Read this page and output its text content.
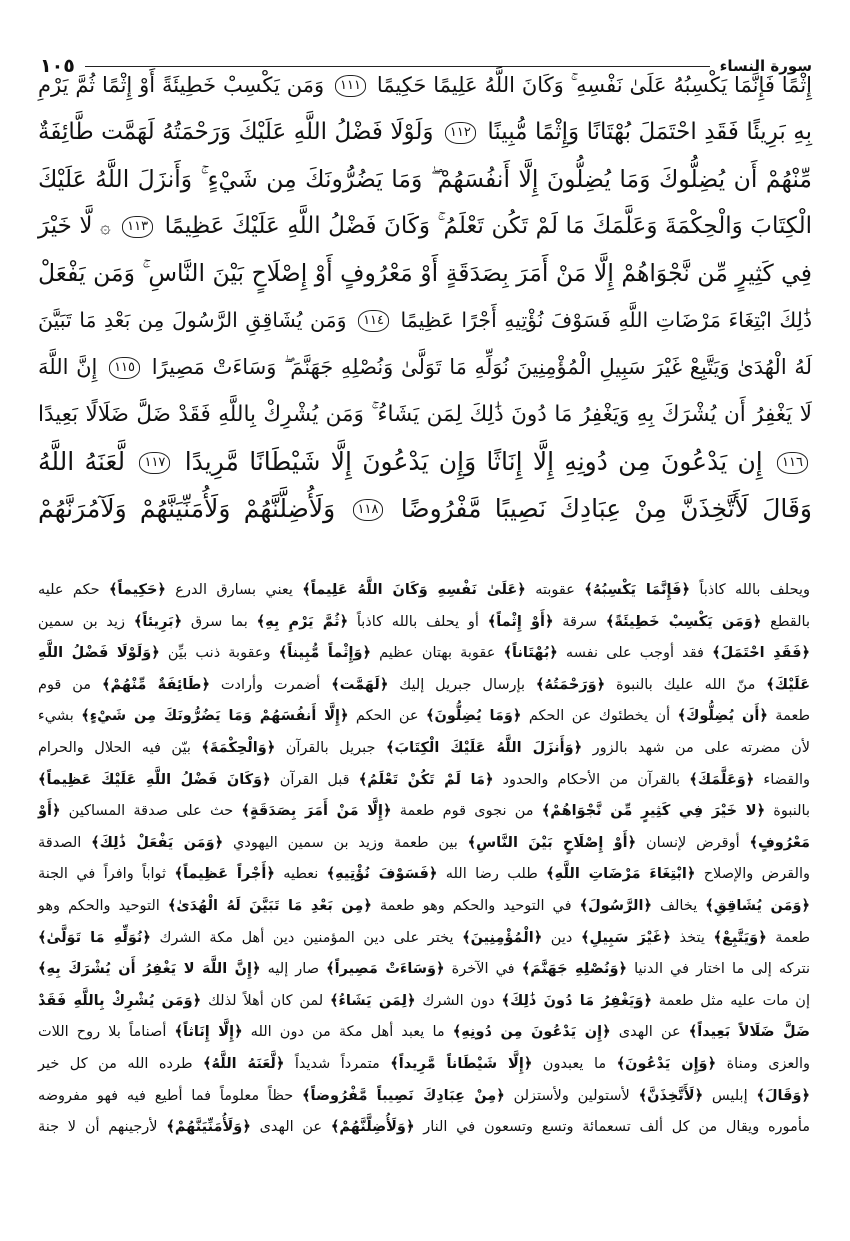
سورة النساء
١٠٥
إِثْمًا فَإِنَّمَا يَكْسِبُهُ عَلَىٰ نَفْسِهِ ۚ وَكَانَ اللَّهُ عَلِيمًا حَكِيمًا ١١١ وَمَن يَكْسِبْ خَطِيئَةً أَوْ إِثْمًا ثُمَّ يَرْمِ
بِهِ بَرِيئًا فَقَدِ احْتَمَلَ بُهْتَانًا وَإِثْمًا مُّبِينًا ١١٢ وَلَوْلَا فَضْلُ اللَّهِ عَلَيْكَ وَرَحْمَتُهُ لَهَمَّت طَّائِفَةٌ
مِّنْهُمْ أَن يُضِلُّوكَ وَمَا يُضِلُّونَ إِلَّا أَنفُسَهُمْ ۖ وَمَا يَضُرُّونَكَ مِن شَيْءٍ ۚ وَأَنزَلَ اللَّهُ عَلَيْكَ
الْكِتَابَ وَالْحِكْمَةَ وَعَلَّمَكَ مَا لَمْ تَكُن تَعْلَمُ ۚ وَكَانَ فَضْلُ اللَّهِ عَلَيْكَ عَظِيمًا ١١٣ ۞ لَّا خَيْرَ
فِي كَثِيرٍ مِّن نَّجْوَاهُمْ إِلَّا مَنْ أَمَرَ بِصَدَقَةٍ أَوْ مَعْرُوفٍ أَوْ إِصْلَاحٍ بَيْنَ النَّاسِ ۚ وَمَن يَفْعَلْ
ذَٰلِكَ ابْتِغَاءَ مَرْضَاتِ اللَّهِ فَسَوْفَ نُؤْتِيهِ أَجْرًا عَظِيمًا ١١٤ وَمَن يُشَاقِقِ الرَّسُولَ مِن بَعْدِ مَا تَبَيَّنَ
لَهُ الْهُدَىٰ وَيَتَّبِعْ غَيْرَ سَبِيلِ الْمُؤْمِنِينَ نُوَلِّهِ مَا تَوَلَّىٰ وَنُصْلِهِ جَهَنَّمَ ۖ وَسَاءَتْ مَصِيرًا ١١٥ إِنَّ اللَّهَ
لَا يَغْفِرُ أَن يُشْرَكَ بِهِ وَيَغْفِرُ مَا دُونَ ذَٰلِكَ لِمَن يَشَاءُ ۚ وَمَن يُشْرِكْ بِاللَّهِ فَقَدْ ضَلَّ ضَلَالًا بَعِيدًا
١١٦ إِن يَدْعُونَ مِن دُونِهِ إِلَّا إِنَاثًا وَإِن يَدْعُونَ إِلَّا شَيْطَانًا مَّرِيدًا ١١٧ لَّعَنَهُ اللَّهُ
وَقَالَ لَأَتَّخِذَنَّ مِنْ عِبَادِكَ نَصِيبًا مَّفْرُوضًا ١١٨ وَلَأُضِلَّنَّهُمْ وَلَأُمَنِّيَنَّهُمْ وَلَآمُرَنَّهُمْ
ويحلف بالله كاذباً ﴿فَإِنَّمَا يَكْسِبُهُ﴾ عقوبته ﴿عَلَىٰ نَفْسِهِ وَكَانَ اللَّهُ عَلِيماً﴾ يعني بسارق الدرع ﴿حَكِيماً﴾ حكم عليه
بالقطع ﴿وَمَن يَكْسِبْ خَطِيئَةً﴾ سرقة ﴿أَوْ إِثْماً﴾ أو يحلف بالله كاذباً ﴿ثُمَّ يَرْمِ بِهِ﴾ بما سرق ﴿بَرِيئاً﴾ زيد بن سمين
﴿فَقَدِ احْتَمَلَ﴾ فقد أوجب على نفسه ﴿بُهْتَاناً﴾ عقوبة بهتان عظيم ﴿وَإِثْماً مُّبِيناً﴾ وعقوبة ذنب بيِّن ﴿وَلَوْلَا فَضْلُ اللَّهِ
عَلَيْكَ﴾ منّ الله عليك بالنبوة ﴿وَرَحْمَتُهُ﴾ بإرسال جبريل إليك ﴿لَهَمَّت﴾ أضمرت وأرادت ﴿طَائِفَةٌ مِّنْهُمْ﴾ من قوم
طعمة ﴿أَن يُضِلُّوكَ﴾ أن يخطئوك عن الحكم ﴿وَمَا يُضِلُّونَ﴾ عن الحكم ﴿إِلَّا أَنفُسَهُمْ وَمَا يَضُرُّونَكَ مِن شَيْءٍ﴾ بشيء
لأن مضرته على من شهد بالزور ﴿وَأَنزَلَ اللَّهُ عَلَيْكَ الْكِتَابَ﴾ جبريل بالقرآن ﴿وَالْحِكْمَةَ﴾ بيّن فيه الحلال والحرام
والقضاء ﴿وَعَلَّمَكَ﴾ بالقرآن من الأحكام والحدود ﴿مَا لَمْ تَكُنْ تَعْلَمُ﴾ قبل القرآن ﴿وَكَانَ فَضْلُ اللَّهِ عَلَيْكَ عَظِيماً﴾
بالنبوة ﴿لا خَيْرَ فِي كَثِيرٍ مِّن نَّجْوَاهُمْ﴾ من نجوى قوم طعمة ﴿إِلَّا مَنْ أَمَرَ بِصَدَقَةٍ﴾ حث على صدقة المساكين ﴿أَوْ
مَعْرُوفٍ﴾ أوقرض لإنسان ﴿أَوْ إِصْلَاحٍ بَيْنَ النَّاسِ﴾ بين طعمة وزيد بن سمين اليهودي ﴿وَمَن يَفْعَلْ ذَٰلِكَ﴾ الصدقة
والقرض والإصلاح ﴿ابْتِغَاءَ مَرْضَاتِ اللَّهِ﴾ طلب رضا الله ﴿فَسَوْفَ نُؤْتِيهِ﴾ نعطيه ﴿أَجْراً عَظِيماً﴾ ثواباً وافراً في الجنة
﴿وَمَن يُشَاقِقِ﴾ يخالف ﴿الرَّسُولَ﴾ في التوحيد والحكم وهو طعمة ﴿مِن بَعْدِ مَا تَبَيَّنَ لَهُ الْهُدَىٰ﴾ التوحيد والحكم وهو
طعمة ﴿وَيَتَّبِعْ﴾ يتخذ ﴿غَيْرَ سَبِيلِ﴾ دين ﴿الْمُؤْمِنِينَ﴾ يختر على دين المؤمنين دين أهل مكة الشرك ﴿نُوَلِّهِ مَا تَوَلَّىٰ﴾
نتركه إلى ما اختار في الدنيا ﴿وَنُصْلِهِ جَهَنَّمَ﴾ في الآخرة ﴿وَسَاءَتْ مَصِيراً﴾ صار إليه ﴿إِنَّ اللَّهَ لا يَغْفِرُ أَن يُشْرَكَ بِهِ﴾
إن مات عليه مثل طعمة ﴿وَيَغْفِرُ مَا دُونَ ذَٰلِكَ﴾ دون الشرك ﴿لِمَن يَشَاءُ﴾ لمن كان أهلاً لذلك ﴿وَمَن يُشْرِكْ بِاللَّهِ فَقَدْ
ضَلَّ ضَلَالاً بَعِيداً﴾ عن الهدى ﴿إِن يَدْعُونَ مِن دُونِهِ﴾ ما يعبد أهل مكة من دون الله ﴿إِلَّا إِنَاثاً﴾ أصناماً بلا روح اللات
والعزى ومناة ﴿وَإِن يَدْعُونَ﴾ ما يعبدون ﴿إِلَّا شَيْطَاناً مَّرِيداً﴾ متمرداً شديداً ﴿لَّعَنَهُ اللَّهُ﴾ طرده الله من كل خير
﴿وَقَالَ﴾ إبليس ﴿لَأَتَّخِذَنَّ﴾ لأستولين ولأستزلن ﴿مِنْ عِبَادِكَ نَصِيباً مَّفْرُوضاً﴾ حظاً معلوماً فما أطيع فيه فهو مفروضه
مأموره ويقال من كل ألف تسعمائة وتسع وتسعون في النار ﴿وَلَأُضِلَّنَّهُمْ﴾ عن الهدى ﴿وَلَأُمَنِّيَنَّهُمْ﴾ لأرجينهم أن لا جنة
